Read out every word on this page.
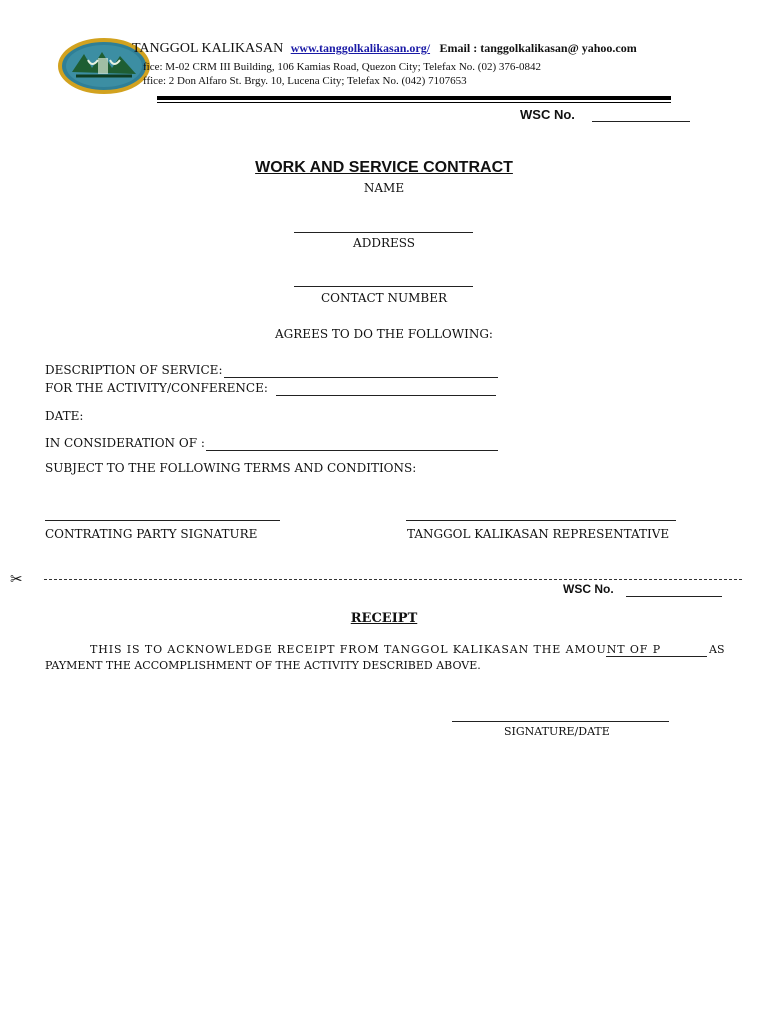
TANGGOL KALIKASAN www.tanggolkalikasan.org/ Email : tanggolkalikasan@ yahoo.com
fice: M-02 CRM III Building, 106 Kamias Road, Quezon City; Telefax No. (02) 376-0842
ffice: 2 Don Alfaro St. Brgy. 10, Lucena City; Telefax No. (042) 7107653
WSC No.
WORK AND SERVICE CONTRACT
NAME
ADDRESS
CONTACT NUMBER
AGREES TO DO THE FOLLOWING:
DESCRIPTION OF SERVICE:
FOR THE ACTIVITY/CONFERENCE:
DATE:
IN CONSIDERATION OF :
SUBJECT TO THE FOLLOWING TERMS AND CONDITIONS:
CONTRATING PARTY SIGNATURE	TANGGOL KALIKASAN REPRESENTATIVE
✂
WSC No.
RECEIPT
THIS IS TO ACKNOWLEDGE RECEIPT FROM TANGGOL KALIKASAN THE AMOUNT OF P	AS
PAYMENT THE ACCOMPLISHMENT OF THE ACTIVITY DESCRIBED ABOVE.
SIGNATURE/DATE
